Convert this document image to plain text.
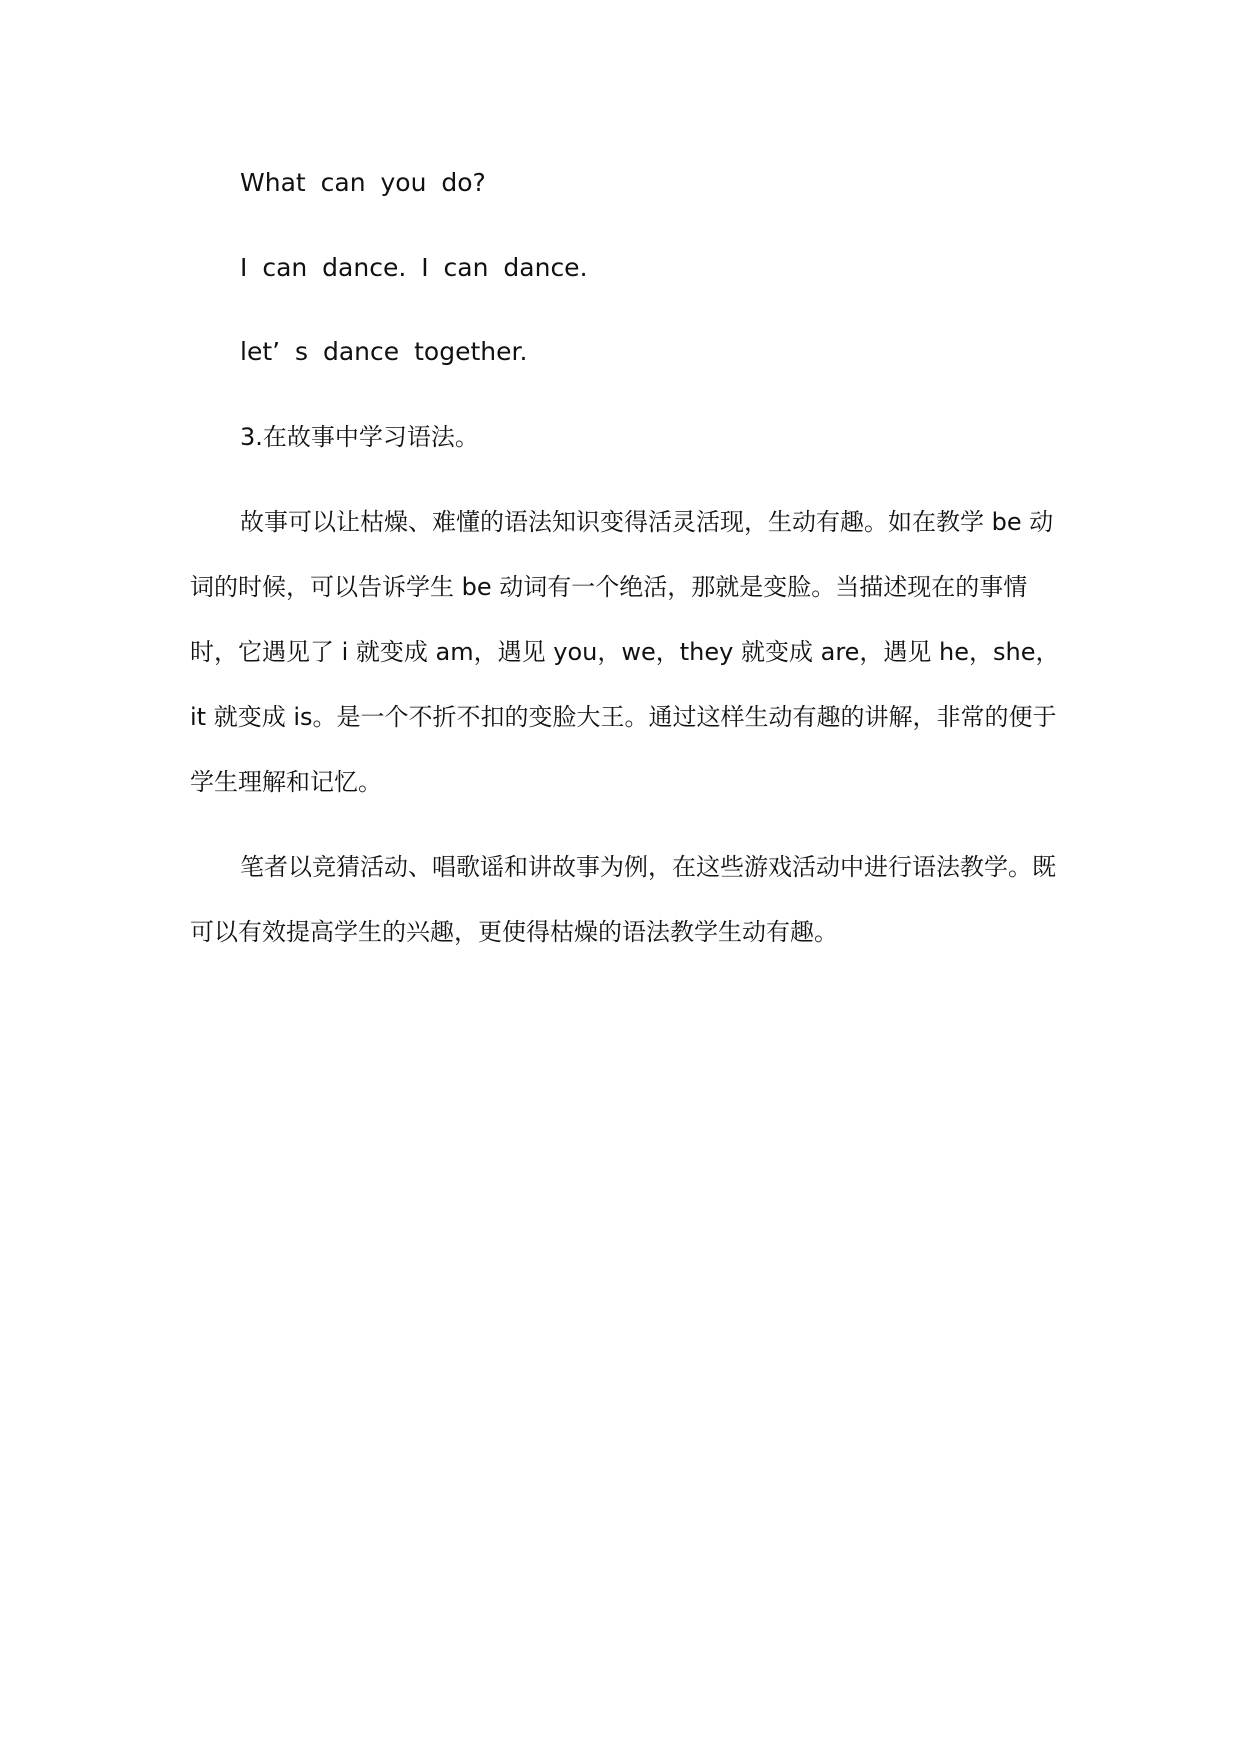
What can you do?
I can dance. I can dance.
let’ s dance together.
3.在故事中学习语法。

故事可以让枯燥、难懂的语法知识变得活灵活现，生动有趣。如在教学 be 动词的时候，可以告诉学生 be 动词有一个绝活，那就是变脸。当描述现在的事情时，它遇见了 i 就变成 am，遇见 you，we，they 就变成 are，遇见 he，she，it 就变成 is。是一个不折不扣的变脸大王。通过这样生动有趣的讲解，非常的便于学生理解和记忆。

笔者以竞猜活动、唱歌谣和讲故事为例，在这些游戏活动中进行语法教学。既可以有效提高学生的兴趣，更使得枯燥的语法教学生动有趣。
